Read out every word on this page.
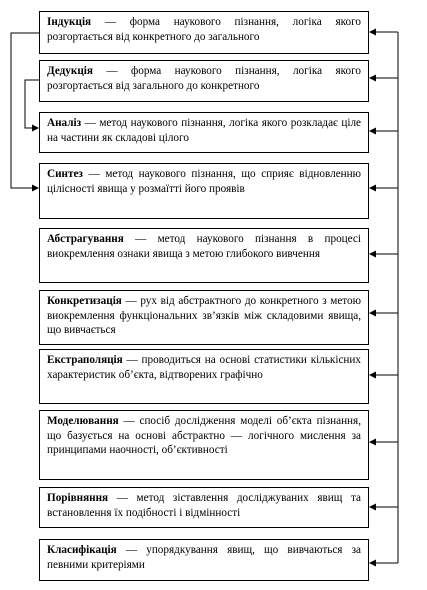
Індукція — форма наукового пізнання, логіка якого розгортається від конкретного до загального
Дедукція — форма наукового пізнання, логіка якого розгортається від загального до конкретного
Аналіз — метод наукового пізнання, логіка якого розкладає ціле на частини як складові цілого
Синтез — метод наукового пізнання, що сприяє відновленню цілісності явища у розмаїтті його проявів
Абстрагування — метод наукового пізнання в процесі виокремлення ознаки явища з метою глибокого вивчення
Конкретизація — рух від абстрактного до конкретного з метою виокремлення функціональних зв’язків між складовими явища, що вивчається
Екстраполяція — проводиться на основі статистики кількісних характеристик об’єкта, відтворених графічно
Моделювання — спосіб дослідження моделі об’єкта пізнання, що базується на основі абстрактно — логічного мислення за принципами наочності, об’єктивності
Порівняння — метод зіставлення досліджуваних явищ та встановлення їх подібності і відмінності
Класифікація — упорядкування явищ, що вивчаються за певними критеріями
